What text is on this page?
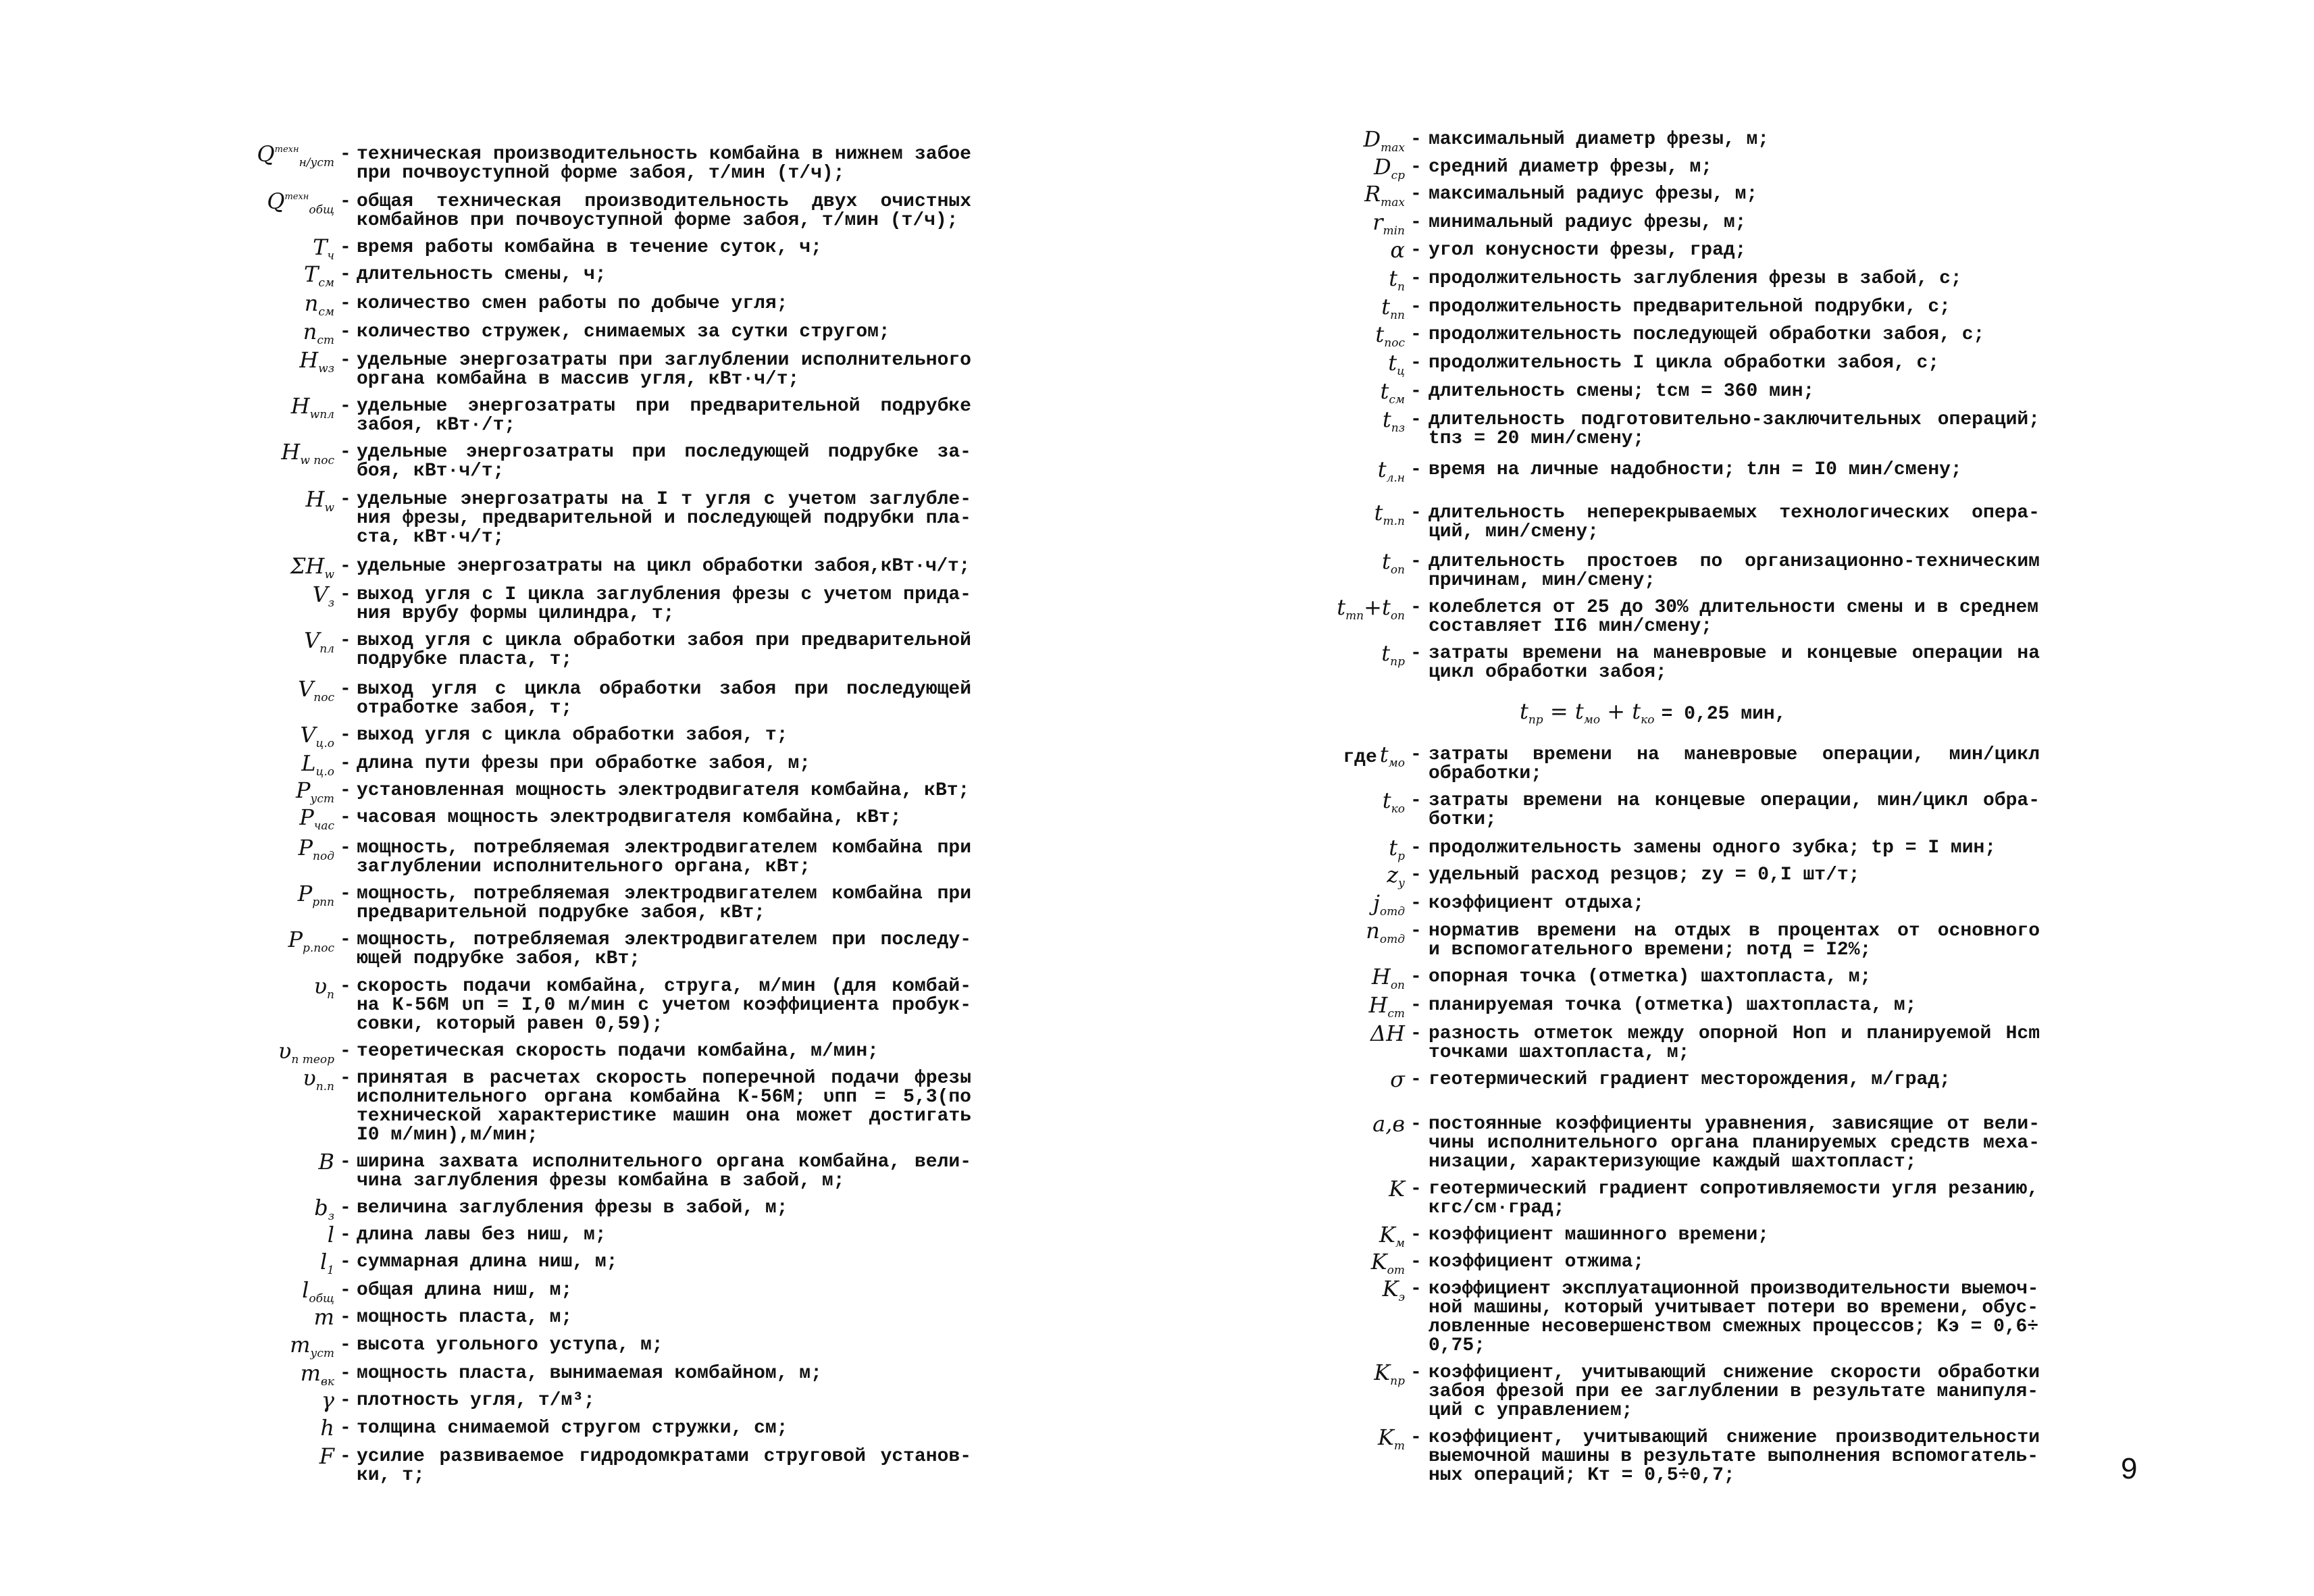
$Q^{техн}_{н/уст}$ - техническая производительность комбайна в нижнем забое
при почвоуступной форме забоя, т/мин (т/ч);
$Q^{техн}_{общ}$ - общая техническая производительность двух очистных
комбайнов при почвоуступной форме забоя, т/мин (т/ч);
$T_ч$ - время работы комбайна в течение суток, ч;
$T_{см}$ - длительность смены, ч;
$n_{см}$ - количество смен работы по добыче угля;
$n_{ст}$ - количество стружек, снимаемых за сутки стругом;
$H_{wз}$ - удельные энергозатраты при заглублении исполнительного
органа комбайна в массив угля, кВт·ч/т;
$H_{wпл}$ - удельные энергозатраты при предварительной подрубке
забоя, кВт·/т;
$H_{w пос}$ - удельные энергозатраты при последующей подрубке за-
боя, кВт·ч/т;
$H_w$ - удельные энергозатраты на I т угля с учетом заглубле-
ния фрезы, предварительной и последующей подрубки пла-
ста, кВт·ч/т;
$\Sigma H_w$ - удельные энергозатраты на цикл обработки забоя,кВт·ч/т;
$V_з$ - выход угля с I цикла заглубления фрезы с учетом прида-
ния врубу формы цилиндра, т;
$V_{пл}$ - выход угля с цикла обработки забоя при предварительной
подрубке пласта, т;
$V_{пос}$ - выход угля с цикла обработки забоя при последующей
отработке забоя, т;
$V_{ц.о}$ - выход угля с цикла обработки забоя, т;
$L_{ц.о}$ - длина пути фрезы при обработке забоя, м;
$P_{уст}$ - установленная мощность электродвигателя комбайна, кВт;
$P_{час}$ - часовая мощность электродвигателя комбайна, кВт;
$P_{под}$ - мощность, потребляемая электродвигателем комбайна при
заглублении исполнительного органа, кВт;
$P_{рпп}$ - мощность, потребляемая электродвигателем комбайна при
предварительной подрубке забоя, кВт;
$P_{р.пос}$ - мощность, потребляемая электродвигателем при последу-
ющей подрубке забоя, кВт;
$\upsilon_п$ - скорость подачи комбайна, струга, м/мин (для комбай-
на К-56М υп = I,0 м/мин с учетом коэффициента пробук-
совки, который равен 0,59);
$\upsilon_{п теор}$ - теоретическая скорость подачи комбайна, м/мин;
$\upsilon_{п.п}$ - принятая в расчетах скорость поперечной подачи фрезы
исполнительного органа комбайна К-56М; υпп = 5,3(по
технической характеристике машин она может достигать
I0 м/мин),м/мин;
B - ширина захвата исполнительного органа комбайна, вели-
чина заглубления фрезы комбайна в забой, м;
$b_з$ - величина заглубления фрезы в забой, м;
l - длина лавы без ниш, м;
$l_1$ - суммарная длина ниш, м;
$l_{общ}$ - общая длина ниш, м;
m - мощность пласта, м;
$m_{уст}$ - высота угольного уступа, м;
$m_{вк}$ - мощность пласта, вынимаемая комбайном, м;
γ - плотность угля, т/м³;
h - толщина снимаемой стругом стружки, см;
F - усилие развиваемое гидродомкратами струговой установ-
ки, т;
$D_{max}$ - максимальный диаметр фрезы, м;
$D_{ср}$ - средний диаметр фрезы, м;
$R_{max}$ - максимальный радиус фрезы, м;
$r_{min}$ - минимальный радиус фрезы, м;
α - угол конусности фрезы, град;
$t_п$ - продолжительность заглубления фрезы в забой, с;
$t_{пп}$ - продолжительность предварительной подрубки, с;
$t_{пос}$ - продолжительность последующей обработки забоя, с;
$t_ц$ - продолжительность I цикла обработки забоя, с;
$t_{см}$ - длительность смены; tсм = 360 мин;
$t_{пз}$ - длительность подготовительно-заключительных операций;
tпз = 20 мин/смену;
$t_{л.н}$ - время на личные надобности; tлн = I0 мин/смену;
$t_{т.п}$ - длительность неперекрываемых технологических опера-
ций, мин/смену;
$t_{оп}$ - длительность простоев по организационно-техническим
причинам, мин/смену;
$t_{тп}+t_{оп}$ - колеблется от 25 до 30% длительности смены и в среднем
составляет II6 мин/смену;
$t_{пр}$ - затраты времени на маневровые и концевые операции на
цикл обработки забоя;
где $t_{мо}$ - затраты времени на маневровые операции, мин/цикл
обработки;
$t_{ко}$ - затраты времени на концевые операции, мин/цикл обра-
ботки;
$t_р$ - продолжительность замены одного зубка; tр = I мин;
$z_у$ - удельный расход резцов; zу = 0,I шт/т;
$j_{отд}$ - коэффициент отдыха;
$n_{отд}$ - норматив времени на отдых в процентах от основного
и вспомогательного времени; nотд = I2%;
$H_{оп}$ - опорная точка (отметка) шахтопласта, м;
$H_{cm}$ - планируемая точка (отметка) шахтопласта, м;
ΔH - разность отметок между опорной Hоп и планируемой Hcm
точками шахтопласта, м;
σ - геотермический градиент месторождения, м/град;
a,в - постоянные коэффициенты уравнения, зависящие от вели-
чины исполнительного органа планируемых средств меха-
низации, характеризующие каждый шахтопласт;
K - геотермический градиент сопротивляемости угля резанию,
кгс/см·град;
$K_м$ - коэффициент машинного времени;
$K_{от}$ - коэффициент отжима;
$K_э$ - коэффициент эксплуатационной производительности выемоч-
ной машины, который учитывает потери во времени, обус-
ловленные несовершенством смежных процессов; Kэ = 0,6÷
0,75;
$K_{пр}$ - коэффициент, учитывающий снижение скорости обработки
забоя фрезой при ее заглублении в результате манипуля-
ций с управлением;
$K_т$ - коэффициент, учитывающий снижение производительности
выемочной машины в результате выполнения вспомогатель-
ных операций; Kт = 0,5÷0,7;
$t_{пр} = t_{мо} + t_{ко} = 0,25$ мин,
9
